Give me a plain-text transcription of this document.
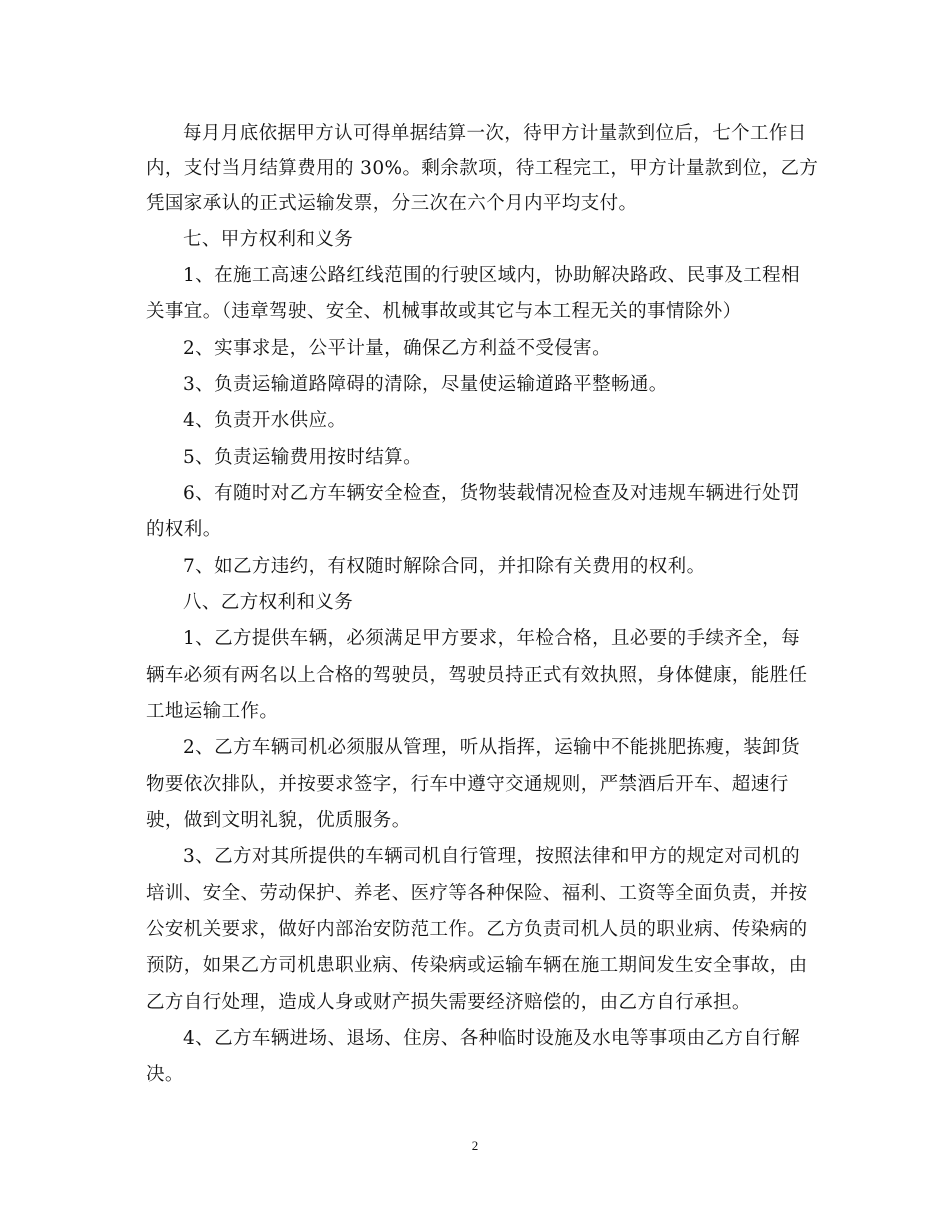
每月月底依据甲方认可得单据结算一次，待甲方计量款到位后，七个工作日
内，支付当月结算费用的 30%。剩余款项，待工程完工，甲方计量款到位，乙方
凭国家承认的正式运输发票，分三次在六个月内平均支付。
七、甲方权利和义务
1、在施工高速公路红线范围的行驶区域内，协助解决路政、民事及工程相
关事宜。（违章驾驶、安全、机械事故或其它与本工程无关的事情除外）
2、实事求是，公平计量，确保乙方利益不受侵害。
3、负责运输道路障碍的清除，尽量使运输道路平整畅通。
4、负责开水供应。
5、负责运输费用按时结算。
6、有随时对乙方车辆安全检查，货物装载情况检查及对违规车辆进行处罚
的权利。
7、如乙方违约，有权随时解除合同，并扣除有关费用的权利。
八、乙方权利和义务
1、乙方提供车辆，必须满足甲方要求，年检合格，且必要的手续齐全，每
辆车必须有两名以上合格的驾驶员，驾驶员持正式有效执照，身体健康，能胜任
工地运输工作。
2、乙方车辆司机必须服从管理，听从指挥，运输中不能挑肥拣瘦，装卸货
物要依次排队，并按要求签字，行车中遵守交通规则，严禁酒后开车、超速行
驶，做到文明礼貌，优质服务。
3、乙方对其所提供的车辆司机自行管理，按照法律和甲方的规定对司机的
培训、安全、劳动保护、养老、医疗等各种保险、福利、工资等全面负责，并按
公安机关要求，做好内部治安防范工作。乙方负责司机人员的职业病、传染病的
预防，如果乙方司机患职业病、传染病或运输车辆在施工期间发生安全事故，由
乙方自行处理，造成人身或财产损失需要经济赔偿的，由乙方自行承担。
4、乙方车辆进场、退场、住房、各种临时设施及水电等事项由乙方自行解
决。
2
